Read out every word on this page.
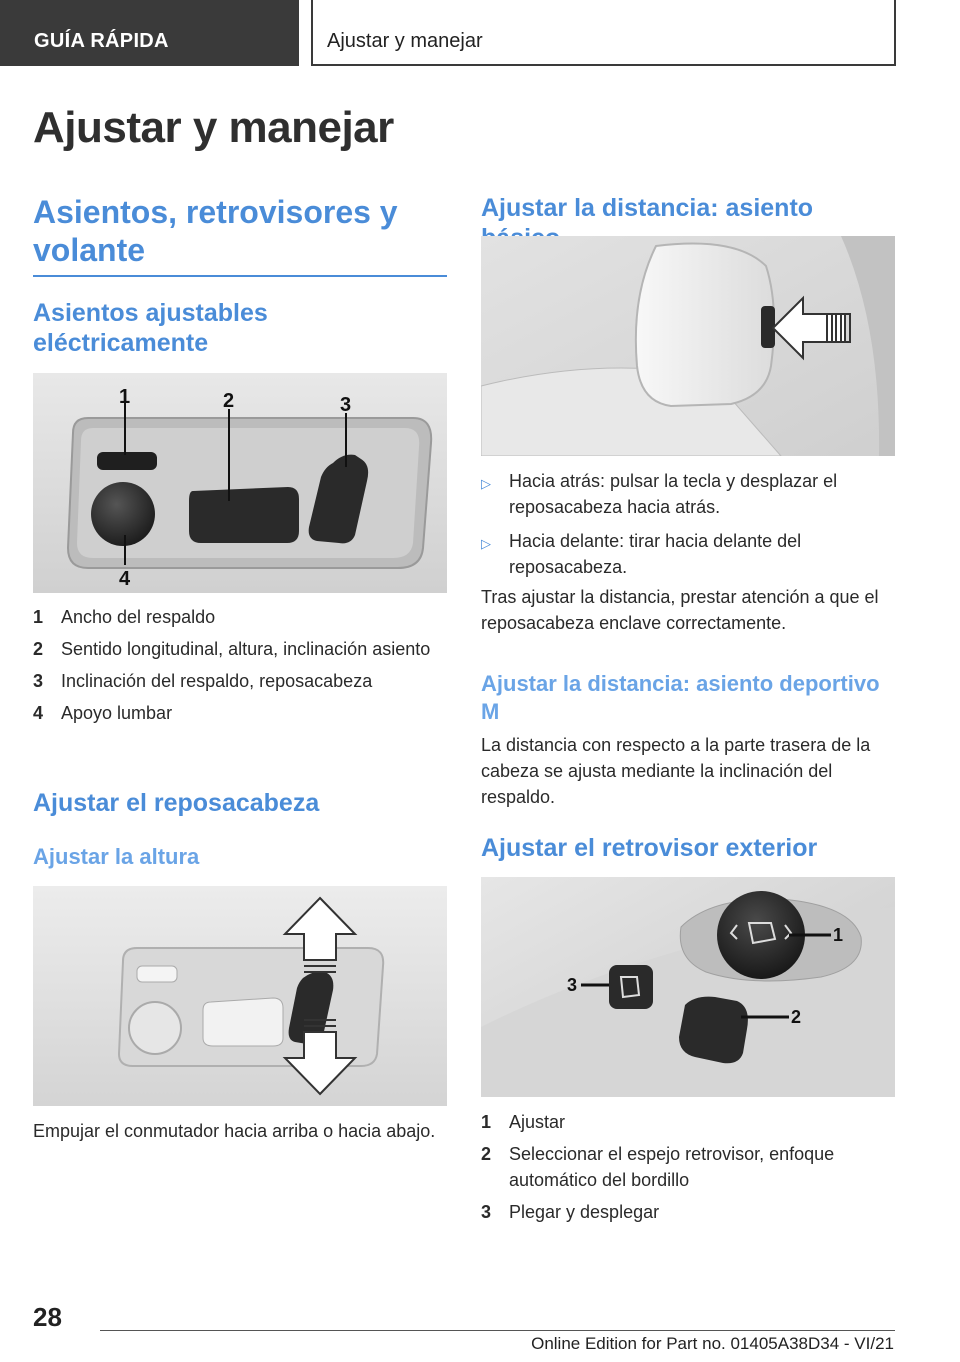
GUÍA RÁPIDA	Ajustar y manejar
Ajustar y manejar
Asientos, retrovisores y volante
Asientos ajustables eléctricamente
1	2	3
4
1 Ancho del respaldo
2 Sentido longitudinal, altura, inclinación asiento
3 Inclinación del respaldo, reposacabeza
4 Apoyo lumbar
Ajustar el reposacabeza
Ajustar la altura

Empujar el conmutador hacia arriba o hacia abajo.

Ajustar la distancia: asiento
▷	Hacia atrás: pulsar la tecla y desplazar el reposacabeza hacia atrás.
▷	Hacia delante: tirar hacia delante del reposacabeza.

Tras ajustar la distancia, prestar atención a que el reposacabeza enclave correctamente.

Ajustar la distancia: asiento deportivo M

La distancia con respecto a la parte trasera de la cabeza se ajusta mediante la inclinación del respaldo.

Ajustar el retrovisor exterior
1
2
3
1 Ajustar
2 Seleccionar el espejo retrovisor, enfoque automático del bordillo
3 Plegar y desplegar
28
Online Edition for Part no. 01405A38D34 - VI/21
